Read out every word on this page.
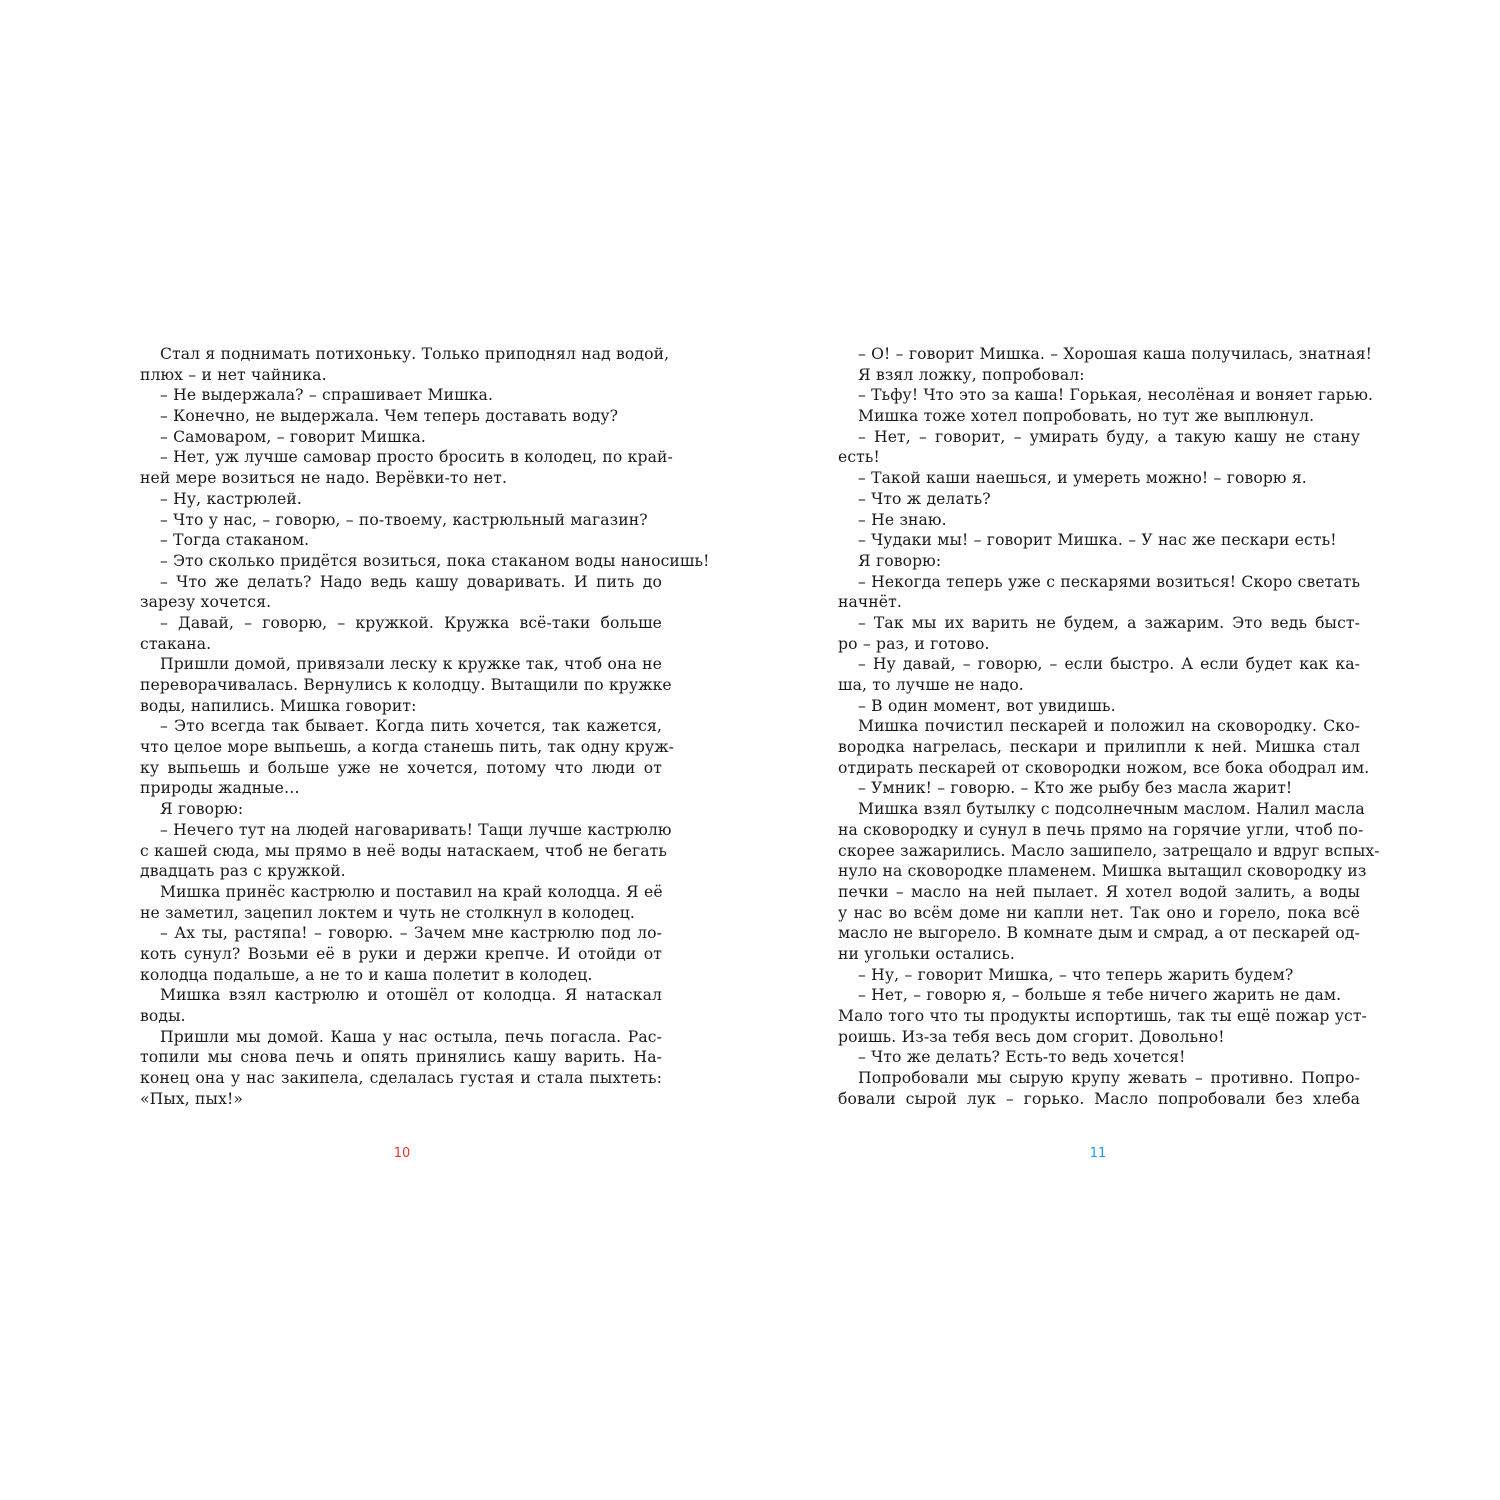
Стал я поднимать потихоньку. Только приподнял над водой,
плюх – и нет чайника.
– Не выдержала? – спрашивает Мишка.
– Конечно, не выдержала. Чем теперь доставать воду?
– Самоваром, – говорит Мишка.
– Нет, уж лучше самовар просто бросить в колодец, по край-
ней мере возиться не надо. Верёвки-то нет.
– Ну, кастрюлей.
– Что у нас, – говорю, – по-твоему, кастрюльный магазин?
– Тогда стаканом.
– Это сколько придётся возиться, пока стаканом воды наносишь!
– Что же делать? Надо ведь кашу доваривать. И пить до
зарезу хочется.
– Давай, – говорю, – кружкой. Кружка всё-таки больше
стакана.
Пришли домой, привязали леску к кружке так, чтоб она не
переворачивалась. Вернулись к колодцу. Вытащили по кружке
воды, напились. Мишка говорит:
– Это всегда так бывает. Когда пить хочется, так кажется,
что целое море выпьешь, а когда станешь пить, так одну круж-
ку выпьешь и больше уже не хочется, потому что люди от
природы жадные…
Я говорю:
– Нечего тут на людей наговаривать! Тащи лучше кастрюлю
с кашей сюда, мы прямо в неё воды натаскаем, чтоб не бегать
двадцать раз с кружкой.
Мишка принёс кастрюлю и поставил на край колодца. Я её
не заметил, зацепил локтем и чуть не столкнул в колодец.
– Ах ты, растяпа! – говорю. – Зачем мне кастрюлю под ло-
коть сунул? Возьми её в руки и держи крепче. И отойди от
колодца подальше, а не то и каша полетит в колодец.
Мишка взял кастрюлю и отошёл от колодца. Я натаскал
воды.
Пришли мы домой. Каша у нас остыла, печь погасла. Рас-
топили мы снова печь и опять принялись кашу варить. На-
конец она у нас закипела, сделалась густая и стала пыхтеть:
«Пых, пых!»
– О! – говорит Мишка. – Хорошая каша получилась, знатная!
Я взял ложку, попробовал:
– Тьфу! Что это за каша! Горькая, несолёная и воняет гарью.
Мишка тоже хотел попробовать, но тут же выплюнул.
– Нет, – говорит, – умирать буду, а такую кашу не стану
есть!
– Такой каши наешься, и умереть можно! – говорю я.
– Что ж делать?
– Не знаю.
– Чудаки мы! – говорит Мишка. – У нас же пескари есть!
Я говорю:
– Некогда теперь уже с пескарями возиться! Скоро светать
начнёт.
– Так мы их варить не будем, а зажарим. Это ведь быст-
ро – раз, и готово.
– Ну давай, – говорю, – если быстро. А если будет как ка-
ша, то лучше не надо.
– В один момент, вот увидишь.
Мишка почистил пескарей и положил на сковородку. Ско-
вородка нагрелась, пескари и прилипли к ней. Мишка стал
отдирать пескарей от сковородки ножом, все бока ободрал им.
– Умник! – говорю. – Кто же рыбу без масла жарит!
Мишка взял бутылку с подсолнечным маслом. Налил масла
на сковородку и сунул в печь прямо на горячие угли, чтоб по-
скорее зажарились. Масло зашипело, затрещало и вдруг вспых-
нуло на сковородке пламенем. Мишка вытащил сковородку из
печки – масло на ней пылает. Я хотел водой залить, а воды
у нас во всём доме ни капли нет. Так оно и горело, пока всё
масло не выгорело. В комнате дым и смрад, а от пескарей од-
ни угольки остались.
– Ну, – говорит Мишка, – что теперь жарить будем?
– Нет, – говорю я, – больше я тебе ничего жарить не дам.
Мало того что ты продукты испортишь, так ты ещё пожар уст-
роишь. Из-за тебя весь дом сгорит. Довольно!
– Что же делать? Есть-то ведь хочется!
Попробовали мы сырую крупу жевать – противно. Попро-
бовали сырой лук – горько. Масло попробовали без хлеба
10	11
